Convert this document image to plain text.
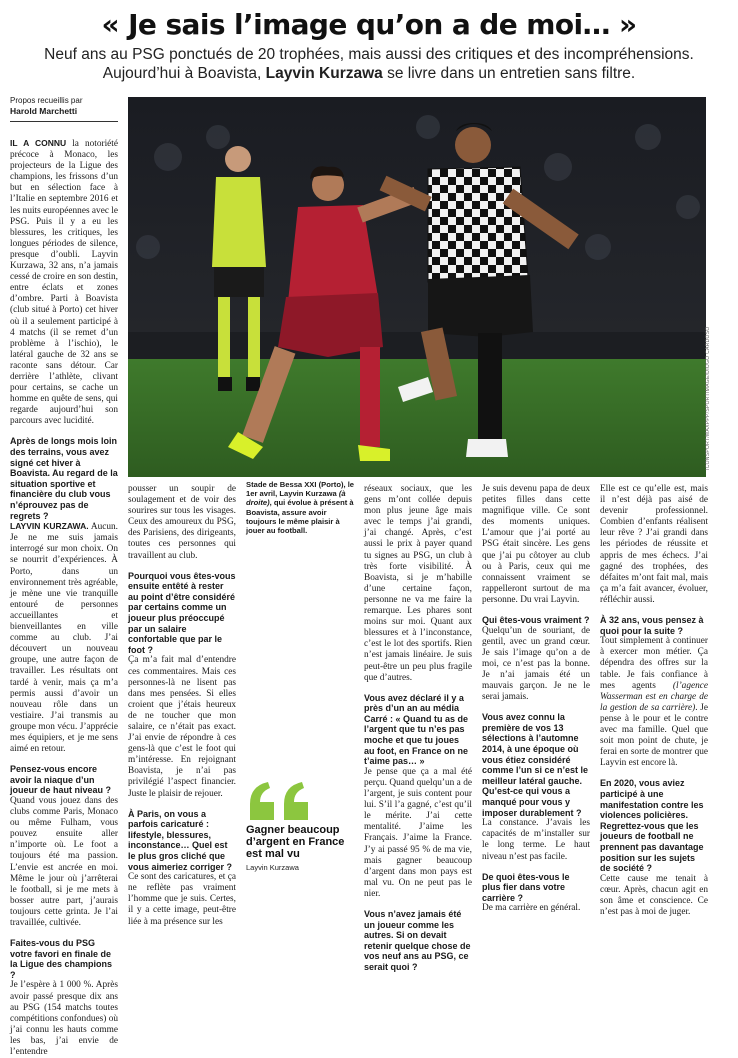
« Je sais l’image qu’on a de moi… »
Neuf ans au PSG ponctués de 20 trophées, mais aussi des critiques et des incompréhensions.
Aujourd’hui à Boavista, Layvin Kurzawa se livre dans un entretien sans filtre.
Propos recueillis par
Harold Marchetti
ICONSPORT/MAXPPP/SPORTIMAGE/DIOGO CARDOSO

IL A CONNU la notoriété précoce à Monaco, les projecteurs de la Ligue des champions, les frissons d’un but en sélection face à l’Italie en septembre 2016 et les nuits européennes avec le PSG. Puis il y a eu les blessures, les critiques, les longues périodes de silence, presque d’oubli. Layvin Kurzawa, 32 ans, n’a jamais cessé de croire en son destin, entre éclats et zones d’ombre. Parti à Boavista (club situé à Porto) cet hiver où il a seulement participé à 4 matchs (il se remet d’un problème à l’ischio), le latéral gauche de 32 ans se raconte sans détour. Car derrière l’athlète, clivant pour certains, se cache un homme en quête de sens, qui regarde aujourd’hui son parcours avec lucidité.

Après de longs mois loin des terrains, vous avez signé cet hiver à Boavista. Au regard de la situation sportive et financière du club vous n’éprouvez pas de regrets ?

LAYVIN KURZAWA. Aucun. Je ne me suis jamais interrogé sur mon choix. On se nourrit d’expériences. À Porto, dans un environnement très agréable, je mène une vie tranquille entouré de personnes accueillantes et bienveillantes en ville comme au club. J’ai découvert un nouveau groupe, une autre façon de travailler. Les résultats ont tardé à venir, mais ça m’a permis aussi d’avoir un nouveau rôle dans un vestiaire. J’ai transmis au groupe mon vécu. J’apprécie mes équipiers, et je me sens aimé en retour.

Pensez-vous encore avoir la niaque d’un joueur de haut niveau ?

Quand vous jouez dans des clubs comme Paris, Monaco ou même Fulham, vous pouvez ensuite aller n’importe où. Le foot a toujours été ma passion. L’envie est ancrée en moi. Même le jour où j’arrêterai le football, si je me mets à bosser autre part, j’aurais toujours cette grinta. Je l’ai travaillée, cultivée.

Faites-vous du PSG votre favori en finale de la Ligue des champions ?

Je l’espère à 1 000 %. Après avoir passé presque dix ans au PSG (154 matchs toutes compétitions confondues) où j’ai connu les hauts comme les bas, j’ai envie de l’entendre

pousser un soupir de soulagement et de voir des sourires sur tous les visages. Ceux des amoureux du PSG, des Parisiens, des dirigeants, toutes ces personnes qui travaillent au club.

Pourquoi vous êtes-vous ensuite entêté à rester au point d’être considéré par certains comme un joueur plus préoccupé par un salaire confortable que par le foot ?

Ça m’a fait mal d’entendre ces commentaires. Mais ces personnes-là ne lisent pas dans mes pensées. Si elles croient que j’étais heureux de ne toucher que mon salaire, ce n’était pas exact. J’ai envie de répondre à ces gens-là que c’est le foot qui m’intéresse. En rejoignant Boavista, je n’ai pas privilégié l’aspect financier. Juste le plaisir de rejouer.

À Paris, on vous a parfois caricaturé : lifestyle, blessures, inconstance… Quel est le plus gros cliché que vous aimeriez corriger ?

Ce sont des caricatures, et ça ne reflète pas vraiment l’homme que je suis. Certes, il y a cette image, peut-être liée à ma présence sur les

Stade de Bessa XXI (Porto), le 1er avril, Layvin Kurzawa (à droite), qui évolue à présent à Boavista, assure avoir toujours le même plaisir à jouer au football.
Gagner beaucoup d’argent en France est mal vu
Layvin Kurzawa

réseaux sociaux, que les gens m’ont collée depuis mon plus jeune âge mais avec le temps j’ai grandi, j’ai changé. Après, c’est aussi le prix à payer quand tu signes au PSG, un club à très forte visibilité. À Boavista, si je m’habille d’une certaine façon, personne ne va me faire la remarque. Les phares sont moins sur moi. Quant aux blessures et à l’inconstance, c’est le lot des sportifs. Rien n’est jamais linéaire. Je suis peut-être un peu plus fragile que d’autres.

Vous avez déclaré il y a près d’un an au média Carré : « Quand tu as de l’argent que tu n’es pas moche et que tu joues au foot, en France on ne t’aime pas… »

Je pense que ça a mal été perçu. Quand quelqu’un a de l’argent, je suis content pour lui. S’il l’a gagné, c’est qu’il le mérite. J’ai cette mentalité. J’aime les Français. J’aime la France. J’y ai passé 95 % de ma vie, mais gagner beaucoup d’argent dans mon pays est mal vu. On ne peut pas le nier.

Vous n’avez jamais été un joueur comme les autres. Si on devait retenir quelque chose de vos neuf ans au PSG, ce serait quoi ?

Je suis devenu papa de deux petites filles dans cette magnifique ville. Ce sont des moments uniques. L’amour que j’ai porté au PSG était sincère. Les gens que j’ai pu côtoyer au club ou à Paris, ceux qui me connaissent vraiment se rappelleront surtout de ma personne. Du vrai Layvin.

Qui êtes-vous vraiment ?

Quelqu’un de souriant, de gentil, avec un grand cœur. Je sais l’image qu’on a de moi, ce n’est pas la bonne. Je n’ai jamais été un mauvais garçon. Je ne le serai jamais.

Vous avez connu la première de vos 13 sélections à l’automne 2014, à une époque où vous étiez considéré comme l’un si ce n’est le meilleur latéral gauche. Qu’est-ce qui vous a manqué pour vous y imposer durablement ?

La constance. J’avais les capacités de m’installer sur le long terme. Le haut niveau n’est pas facile.

De quoi êtes-vous le plus fier dans votre carrière ?

De ma carrière en général.

Elle est ce qu’elle est, mais il n’est déjà pas aisé de devenir professionnel. Combien d’enfants réalisent leur rêve ? J’ai grandi dans les périodes de réussite et appris de mes échecs. J’ai gagné des trophées, des défaites m’ont fait mal, mais ça m’a fait avancer, évoluer, réfléchir aussi.

À 32 ans, vous pensez à quoi pour la suite ?

Tout simplement à continuer à exercer mon métier. Ça dépendra des offres sur la table. Je fais confiance à mes agents (l’agence Wasserman est en charge de la gestion de sa carrière). Je pense à le pour et le contre avec ma famille. Quel que soit mon point de chute, je ferai en sorte de montrer que Layvin est encore là.

En 2020, vous aviez participé à une manifestation contre les violences policières. Regrettez-vous que les joueurs de football ne prennent pas davantage position sur les sujets de société ?

Cette cause me tenait à cœur. Après, chacun agit en son âme et conscience. Ce n’est pas à moi de juger.
